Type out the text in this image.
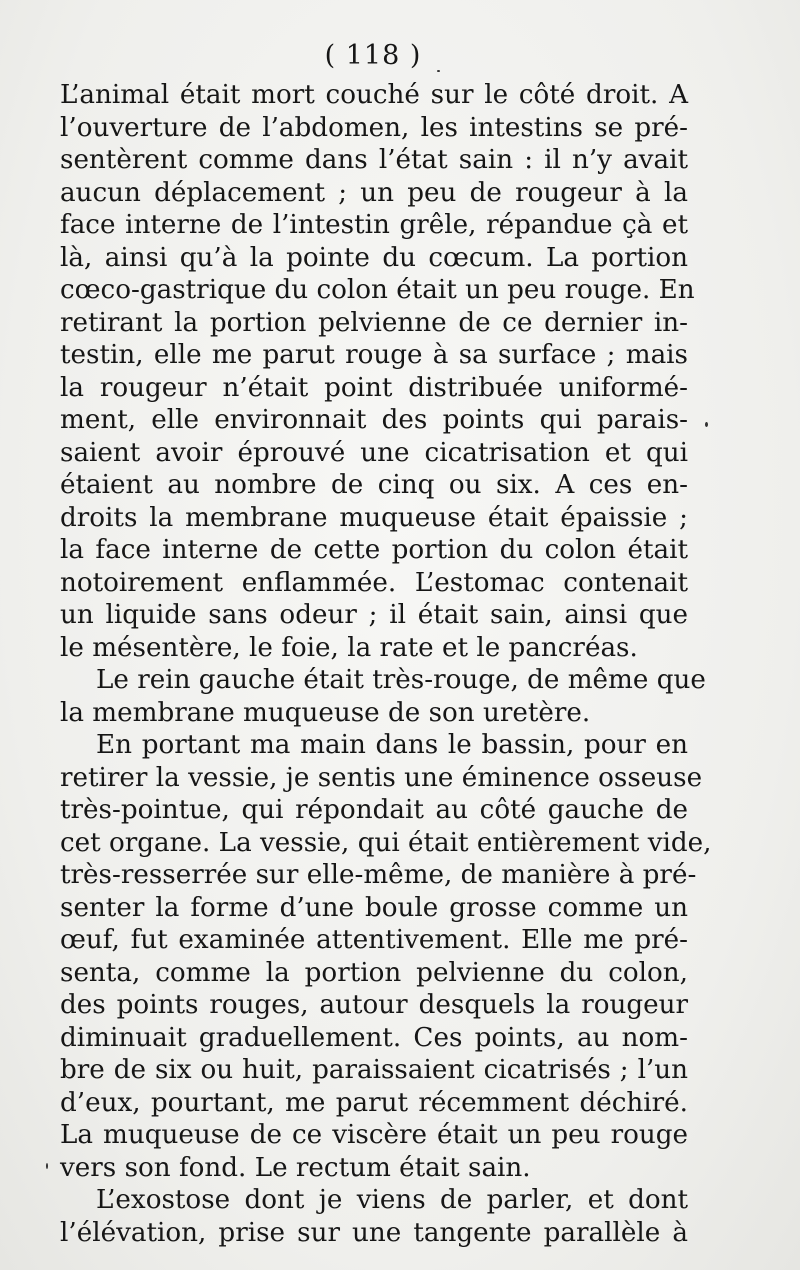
( 118 )
L’animal était mort couché sur le côté droit. A
l’ouverture de l’abdomen, les intestins se pré-
sentèrent comme dans l’état sain : il n’y avait
aucun déplacement ; un peu de rougeur à la
face interne de l’intestin grêle, répandue çà et
là, ainsi qu’à la pointe du cœcum. La portion
cœco-gastrique du colon était un peu rouge. En
retirant la portion pelvienne de ce dernier in-
testin, elle me parut rouge à sa surface ; mais
la rougeur n’était point distribuée uniformé-
ment, elle environnait des points qui parais-
saient avoir éprouvé une cicatrisation et qui
étaient au nombre de cinq ou six. A ces en-
droits la membrane muqueuse était épaissie ;
la face interne de cette portion du colon était
notoirement enflammée. L’estomac contenait
un liquide sans odeur ; il était sain, ainsi que
le mésentère, le foie, la rate et le pancréas.
Le rein gauche était très-rouge, de même que
la membrane muqueuse de son uretère.
En portant ma main dans le bassin, pour en
retirer la vessie, je sentis une éminence osseuse
très-pointue, qui répondait au côté gauche de
cet organe. La vessie, qui était entièrement vide,
très-resserrée sur elle-même, de manière à pré-
senter la forme d’une boule grosse comme un
œuf, fut examinée attentivement. Elle me pré-
senta, comme la portion pelvienne du colon,
des points rouges, autour desquels la rougeur
diminuait graduellement. Ces points, au nom-
bre de six ou huit, paraissaient cicatrisés ; l’un
d’eux, pourtant, me parut récemment déchiré.
La muqueuse de ce viscère était un peu rouge
vers son fond. Le rectum était sain.
L’exostose dont je viens de parler, et dont
l’élévation, prise sur une tangente parallèle à
